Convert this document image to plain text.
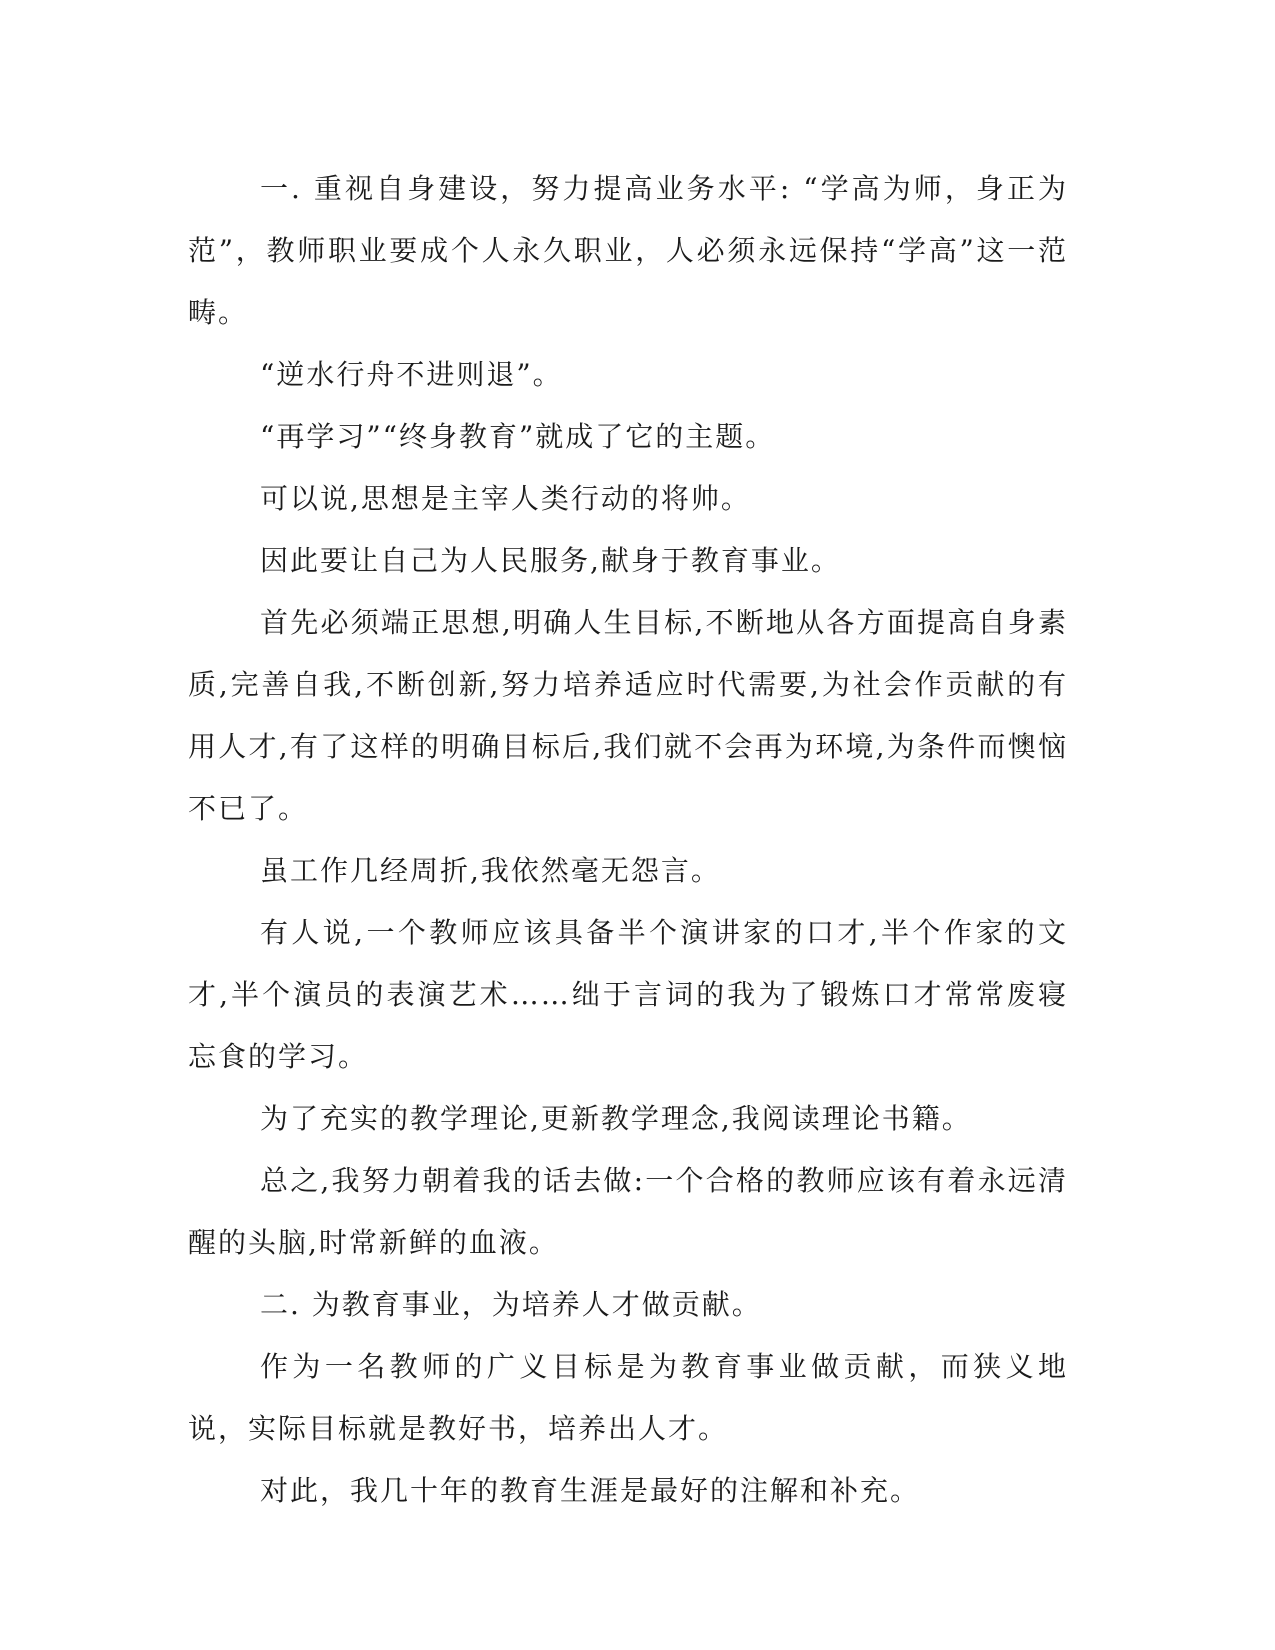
一. 重视自身建设，努力提高业务水平: “学高为师，身正为范”，教师职业要成个人永久职业，人必须永远保持“学高”这一范畴。

“逆水行舟不进则退”。

“再学习”“终身教育”就成了它的主题。

可以说,思想是主宰人类行动的将帅。

因此要让自己为人民服务,献身于教育事业。

首先必须端正思想,明确人生目标,不断地从各方面提高自身素质,完善自我,不断创新,努力培养适应时代需要,为社会作贡献的有用人才,有了这样的明确目标后,我们就不会再为环境,为条件而懊恼不已了。

虽工作几经周折,我依然毫无怨言。

有人说,一个教师应该具备半个演讲家的口才,半个作家的文才,半个演员的表演艺术……绌于言词的我为了锻炼口才常常废寝忘食的学习。

为了充实的教学理论,更新教学理念,我阅读理论书籍。

总之,我努力朝着我的话去做:一个合格的教师应该有着永远清醒的头脑,时常新鲜的血液。

二. 为教育事业，为培养人才做贡献。

作为一名教师的广义目标是为教育事业做贡献，而狭义地说，实际目标就是教好书，培养出人才。

对此，我几十年的教育生涯是最好的注解和补充。
